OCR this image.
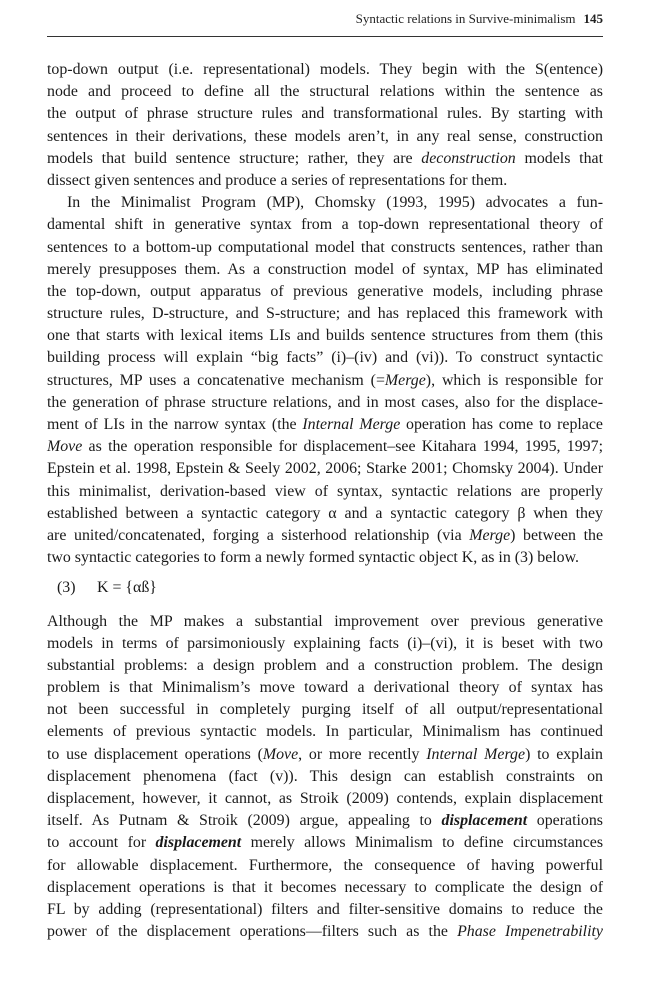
Syntactic relations in Survive-minimalism 145
top-down output (i.e. representational) models. They begin with the S(entence)
node and proceed to define all the structural relations within the sentence as
the output of phrase structure rules and transformational rules. By starting with
sentences in their derivations, these models aren’t, in any real sense, construction
models that build sentence structure; rather, they are deconstruction models that
dissect given sentences and produce a series of representations for them.
In the Minimalist Program (MP), Chomsky (1993, 1995) advocates a fun-
damental shift in generative syntax from a top-down representational theory of
sentences to a bottom-up computational model that constructs sentences, rather than
merely presupposes them. As a construction model of syntax, MP has eliminated
the top-down, output apparatus of previous generative models, including phrase
structure rules, D-structure, and S-structure; and has replaced this framework with
one that starts with lexical items LIs and builds sentence structures from them (this
building process will explain “big facts” (i)–(iv) and (vi)). To construct syntactic
structures, MP uses a concatenative mechanism (=Merge), which is responsible for
the generation of phrase structure relations, and in most cases, also for the displace-
ment of LIs in the narrow syntax (the Internal Merge operation has come to replace
Move as the operation responsible for displacement–see Kitahara 1994, 1995, 1997;
Epstein et al. 1998, Epstein & Seely 2002, 2006; Starke 2001; Chomsky 2004). Under
this minimalist, derivation-based view of syntax, syntactic relations are properly
established between a syntactic category α and a syntactic category β when they
are united/concatenated, forging a sisterhood relationship (via Merge) between the
two syntactic categories to form a newly formed syntactic object K, as in (3) below.
(3) K = {αß}
Although the MP makes a substantial improvement over previous generative
models in terms of parsimoniously explaining facts (i)–(vi), it is beset with two
substantial problems: a design problem and a construction problem. The design
problem is that Minimalism’s move toward a derivational theory of syntax has
not been successful in completely purging itself of all output/representational
elements of previous syntactic models. In particular, Minimalism has continued
to use displacement operations (Move, or more recently Internal Merge) to explain
displacement phenomena (fact (v)). This design can establish constraints on
displacement, however, it cannot, as Stroik (2009) contends, explain displacement
itself. As Putnam & Stroik (2009) argue, appealing to displacement operations
to account for displacement merely allows Minimalism to define circumstances
for allowable displacement. Furthermore, the consequence of having powerful
displacement operations is that it becomes necessary to complicate the design of
FL by adding (representational) filters and filter-sensitive domains to reduce the
power of the displacement operations—filters such as the Phase Impenetrability
